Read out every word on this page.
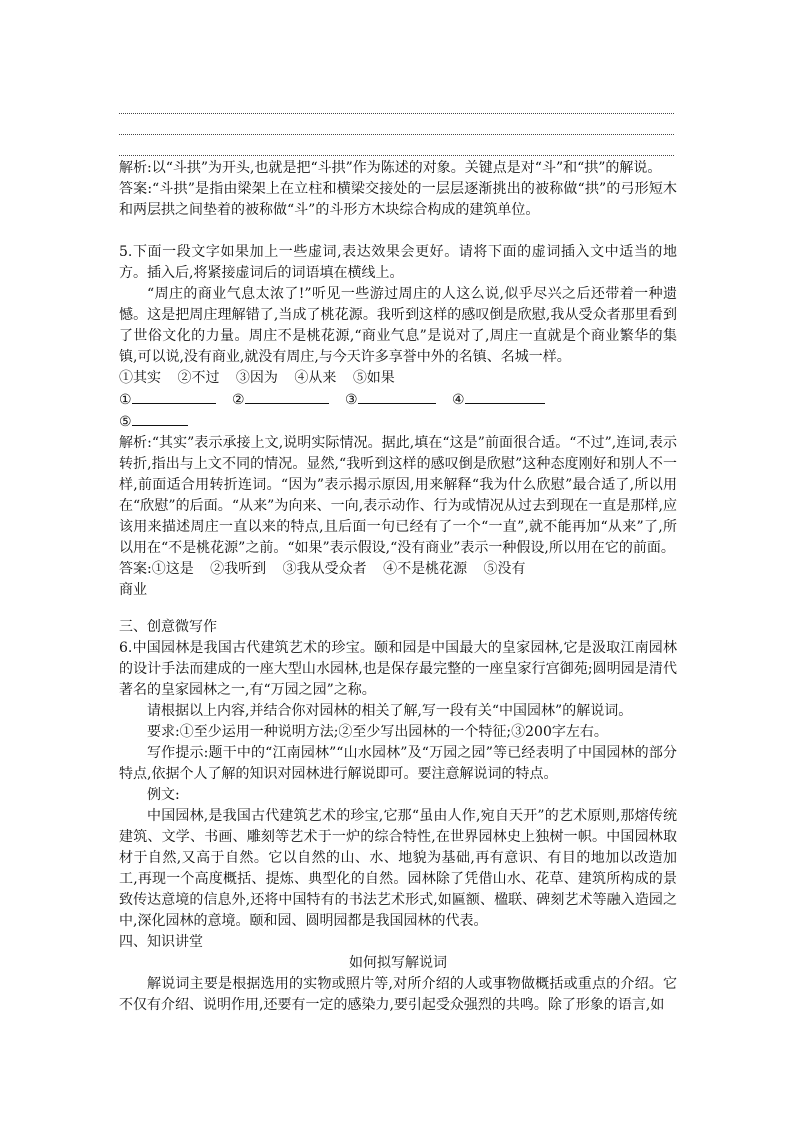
解析:以“斗拱”为开头,也就是把“斗拱”作为陈述的对象。关键点是对“斗”和“拱”的解说。

答案:“斗拱”是指由梁架上在立柱和横梁交接处的一层层逐渐挑出的被称做“拱”的弓形短木和两层拱之间垫着的被称做“斗”的斗形方木块综合构成的建筑单位。

5.下面一段文字如果加上一些虚词,表达效果会更好。请将下面的虚词插入文中适当的地方。插入后,将紧接虚词后的词语填在横线上。

“周庄的商业气息太浓了!”听见一些游过周庄的人这么说,似乎尽兴之后还带着一种遗憾。这是把周庄理解错了,当成了桃花源。我听到这样的感叹倒是欣慰,我从受众者那里看到了世俗文化的力量。周庄不是桃花源,“商业气息”是说对了,周庄一直就是个商业繁华的集镇,可以说,没有商业,就没有周庄,与今天许多享誉中外的名镇、名城一样。

①其实 ②不过 ③因为 ④从来 ⑤如果

①	②	③	④

⑤

解析:“其实”表示承接上文,说明实际情况。据此,填在“这是”前面很合适。“不过”,连词,表示转折,指出与上文不同的情况。显然,“我听到这样的感叹倒是欣慰”这种态度刚好和别人不一样,前面适合用转折连词。“因为”表示揭示原因,用来解释“我为什么欣慰”最合适了,所以用在“欣慰”的后面。“从来”为向来、一向,表示动作、行为或情况从过去到现在一直是那样,应该用来描述周庄一直以来的特点,且后面一句已经有了一个“一直”,就不能再加“从来”了,所以用在“不是桃花源”之前。“如果”表示假设,“没有商业”表示一种假设,所以用在它的前面。

答案:①这是 ②我听到 ③我从受众者 ④不是桃花源 ⑤没有

商业

三、创意微写作

6.中国园林是我国古代建筑艺术的珍宝。颐和园是中国最大的皇家园林,它是汲取江南园林的设计手法而建成的一座大型山水园林,也是保存最完整的一座皇家行宫御苑;圆明园是清代著名的皇家园林之一,有“万园之园”之称。

请根据以上内容,并结合你对园林的相关了解,写一段有关“中国园林”的解说词。

要求:①至少运用一种说明方法;②至少写出园林的一个特征;③200字左右。

写作提示:题干中的“江南园林”“山水园林”及“万园之园”等已经表明了中国园林的部分特点,依据个人了解的知识对园林进行解说即可。要注意解说词的特点。

例文:

中国园林,是我国古代建筑艺术的珍宝,它那“虽由人作,宛自天开”的艺术原则,那熔传统建筑、文学、书画、雕刻等艺术于一炉的综合特性,在世界园林史上独树一帜。中国园林取材于自然,又高于自然。它以自然的山、水、地貌为基础,再有意识、有目的地加以改造加工,再现一个高度概括、提炼、典型化的自然。园林除了凭借山水、花草、建筑所构成的景致传达意境的信息外,还将中国特有的书法艺术形式,如匾额、楹联、碑刻艺术等融入造园之中,深化园林的意境。颐和园、圆明园都是我国园林的代表。

四、知识讲堂

如何拟写解说词

解说词主要是根据选用的实物或照片等,对所介绍的人或事物做概括或重点的介绍。它不仅有介绍、说明作用,还要有一定的感染力,要引起受众强烈的共鸣。除了形象的语言,如
